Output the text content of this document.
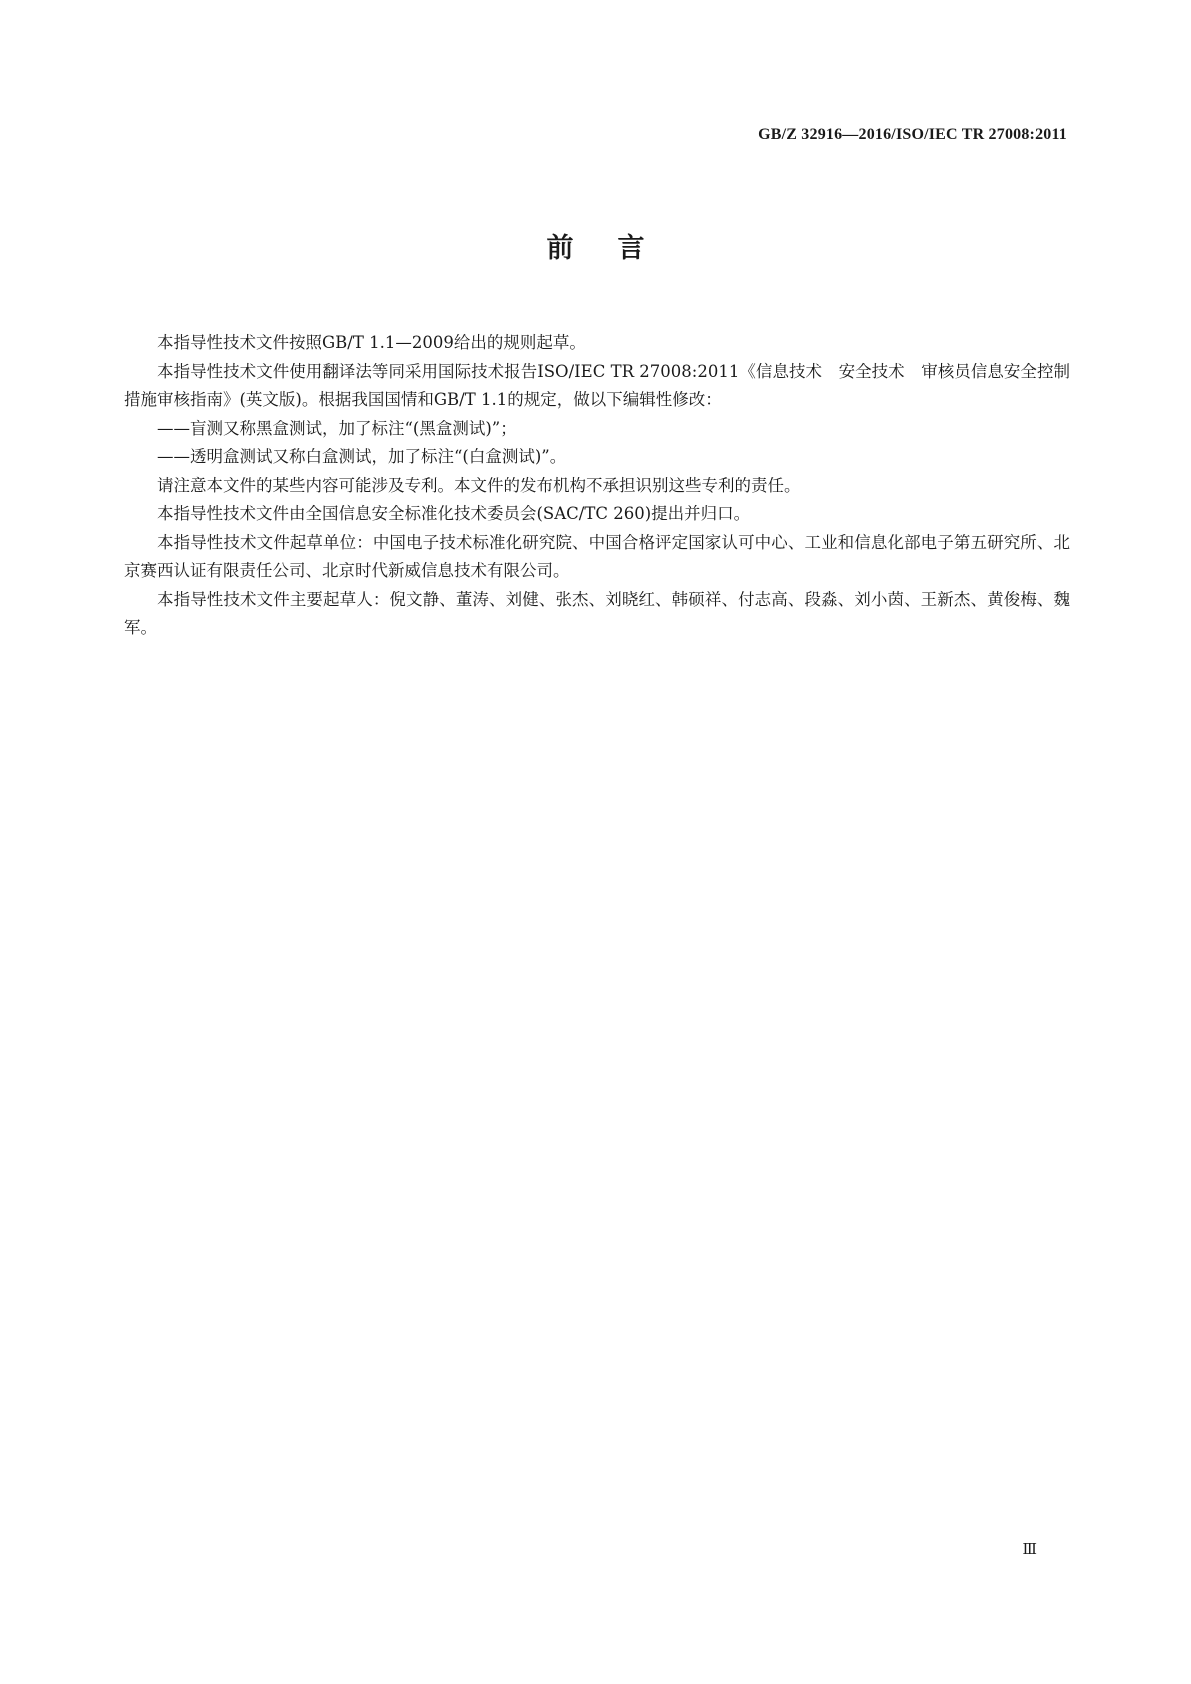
GB/Z 32916—2016/ISO/IEC TR 27008:2011
前言

本指导性技术文件按照GB/T 1.1—2009给出的规则起草。

本指导性技术文件使用翻译法等同采用国际技术报告ISO/IEC TR 27008:2011《信息技术　安全技术　审核员信息安全控制措施审核指南》(英文版)。根据我国国情和GB/T 1.1的规定，做以下编辑性修改：

——盲测又称黑盒测试，加了标注“(黑盒测试)”；

——透明盒测试又称白盒测试，加了标注“(白盒测试)”。

请注意本文件的某些内容可能涉及专利。本文件的发布机构不承担识别这些专利的责任。

本指导性技术文件由全国信息安全标准化技术委员会(SAC/TC 260)提出并归口。

本指导性技术文件起草单位：中国电子技术标准化研究院、中国合格评定国家认可中心、工业和信息化部电子第五研究所、北京赛西认证有限责任公司、北京时代新威信息技术有限公司。

本指导性技术文件主要起草人：倪文静、董涛、刘健、张杰、刘晓红、韩硕祥、付志高、段淼、刘小茵、王新杰、黄俊梅、魏军。

Ⅲ
